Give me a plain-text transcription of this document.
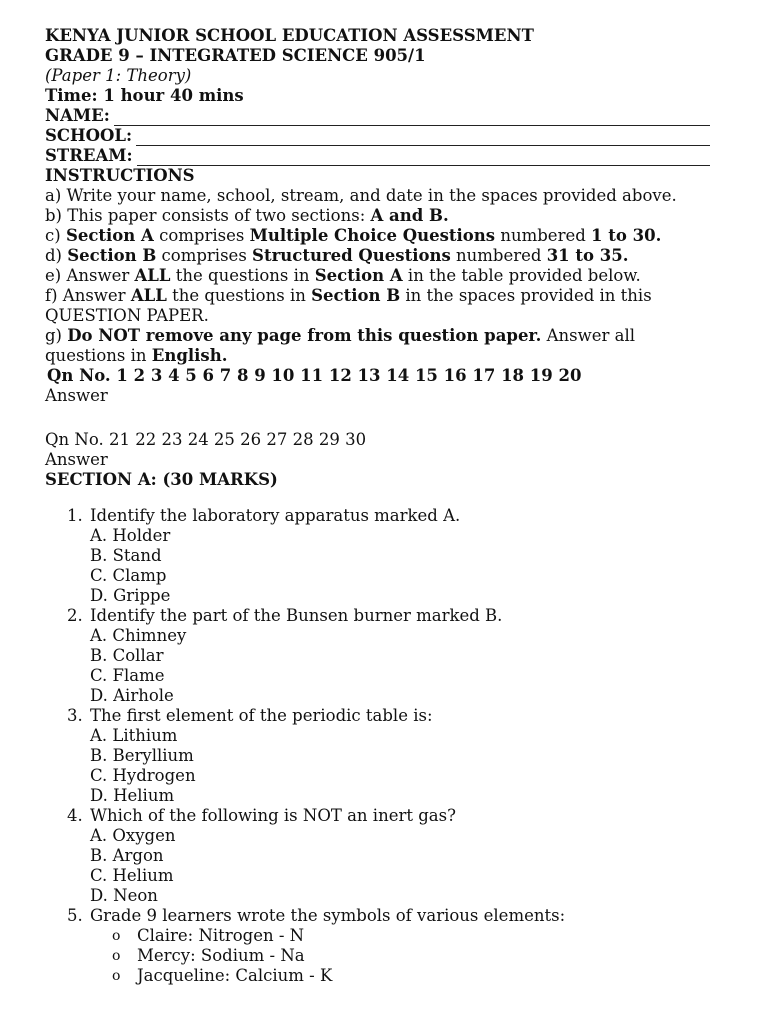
KENYA JUNIOR SCHOOL EDUCATION ASSESSMENT
GRADE 9 – INTEGRATED SCIENCE 905/1
(Paper 1: Theory)
Time: 1 hour 40 mins
NAME:
SCHOOL:
STREAM:
INSTRUCTIONS
a) Write your name, school, stream, and date in the spaces provided above.
b) This paper consists of two sections: A and B.
c) Section A comprises Multiple Choice Questions numbered 1 to 30.
d) Section B comprises Structured Questions numbered 31 to 35.
e) Answer ALL the questions in Section A in the table provided below.
f) Answer ALL the questions in Section B in the spaces provided in this
QUESTION PAPER.
g) Do NOT remove any page from this question paper. Answer all
questions in English.
Qn No. 1 2 3 4 5 6 7 8 9 10 11 12 13 14 15 16 17 18 19 20
Answer
Qn No. 21 22 23 24 25 26 27 28 29 30
Answer
SECTION A: (30 MARKS)
1. Identify the laboratory apparatus marked A.
A. Holder
B. Stand
C. Clamp
D. Grippe
2. Identify the part of the Bunsen burner marked B.
A. Chimney
B. Collar
C. Flame
D. Airhole
3. The first element of the periodic table is:
A. Lithium
B. Beryllium
C. Hydrogen
D. Helium
4. Which of the following is NOT an inert gas?
A. Oxygen
B. Argon
C. Helium
D. Neon
5. Grade 9 learners wrote the symbols of various elements:
o Claire: Nitrogen - N
o Mercy: Sodium - Na
o Jacqueline: Calcium - K
